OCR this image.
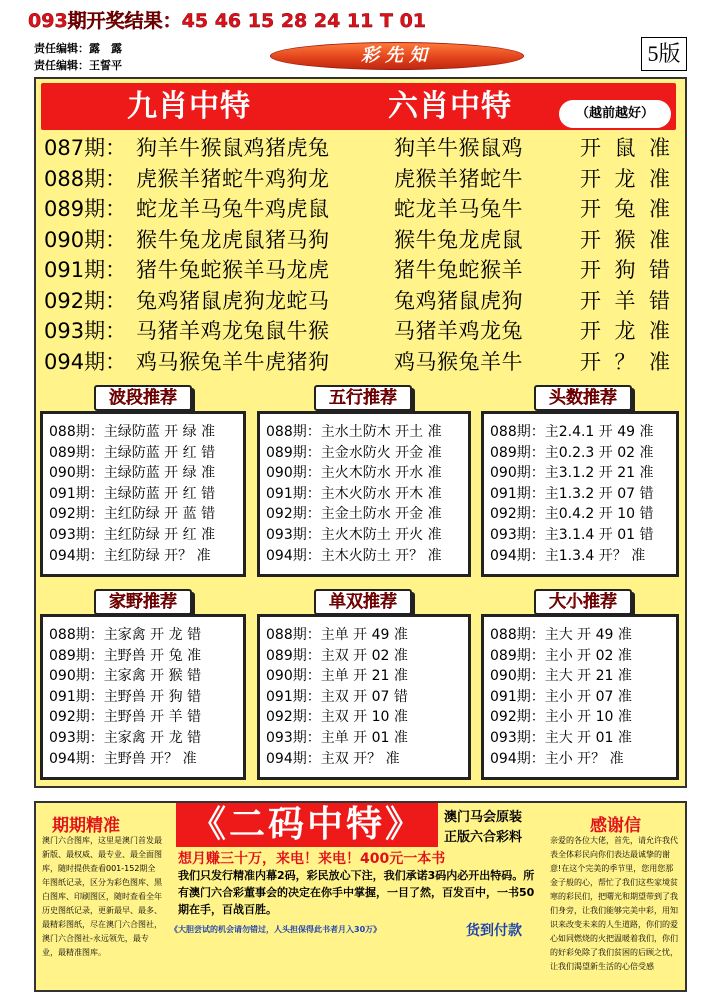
093期开奖结果：45 46 15 28 24 11 T 01
责任编辑：露　露
责任编辑：王誓平	彩先知	5版
九肖中特	六肖中特	（越前越好）
087期： 狗羊牛猴鼠鸡猪虎兔	狗羊牛猴鼠鸡	开 鼠 准
088期： 虎猴羊猪蛇牛鸡狗龙	虎猴羊猪蛇牛	开 龙 准
089期： 蛇龙羊马兔牛鸡虎鼠	蛇龙羊马兔牛	开 兔 准
090期： 猴牛兔龙虎鼠猪马狗	猴牛兔龙虎鼠	开 猴 准
091期： 猪牛兔蛇猴羊马龙虎	猪牛兔蛇猴羊	开 狗 错
092期： 兔鸡猪鼠虎狗龙蛇马	兔鸡猪鼠虎狗	开 羊 错
093期： 马猪羊鸡龙兔鼠牛猴	马猪羊鸡龙兔	开 龙 准
094期： 鸡马猴兔羊牛虎猪狗	鸡马猴兔羊牛	开 ？ 准
波段推荐	五行推荐	头数推荐
家野推荐	单双推荐	大小推荐
088期：主绿防蓝 开 绿 准
089期：主绿防蓝 开 红 错
090期：主绿防蓝 开 绿 准
091期：主绿防蓝 开 红 错
092期：主红防绿 开 蓝 错
093期：主红防绿 开 红 准
094期：主红防绿 开？ 准
088期：主水土防木 开土 准
089期：主金水防火 开金 准
090期：主火木防水 开水 准
091期：主木火防水 开木 准
092期：主金土防水 开金 准
093期：主火木防土 开火 准
094期：主木火防土 开？ 准
088期：主2.4.1 开 49 准
089期：主0.2.3 开 02 准
090期：主3.1.2 开 21 准
091期：主1.3.2 开 07 错
092期：主0.4.2 开 10 错
093期：主3.1.4 开 01 错
094期：主1.3.4 开？ 准
088期：主家禽 开 龙 错
089期：主野兽 开 兔 准
090期：主家禽 开 猴 错
091期：主野兽 开 狗 错
092期：主野兽 开 羊 错
093期：主家禽 开 龙 错
094期：主野兽 开？ 准
088期：主单 开 49 准
089期：主双 开 02 准
090期：主单 开 21 准
091期：主双 开 07 错
092期：主双 开 10 准
093期：主单 开 01 准
094期：主双 开？ 准
088期：主大 开 49 准
089期：主小 开 02 准
090期：主大 开 21 准
091期：主小 开 07 准
092期：主小 开 10 准
093期：主大 开 01 准
094期：主小 开？ 准
期期精准
澳门六合图库，这里是澳门首发最新版、最权威、最专业、最全面图库，随时提供查看001-152期全年图纸记录，区分为彩色图库、黑白图库、印刷图区，随时查看全年历史图纸记录，更新最早、最多、最精彩图纸，尽在澳门六合图社，澳门六合图社-永远领先，最专业，最精准图库。
《二码中特》	澳门马会原装
正版六合彩料
想月赚三十万，来电！来电！400元一本书
我们只发行精准内幕2码，彩民放心下注，我们承诺3码内必开出特码。所有澳门六合彩董事会的决定在你手中掌握，一目了然，百发百中，一书50期在手，百战百胜。
《大胆尝试的机会请勿错过，人头担保得此书者月入30万》	货到付款
感谢信
亲爱的各位大佬，首先，请允许我代表全体彩民向你们表达最诚挚的谢意!在这个完美的季节里，您用您那金子般的心，帮忙了我们这些家境贫寒的彩民们，把曙光和期望带到了我们身旁，让我们能够完美中彩，用知识来改变未来的人生道路，你们的爱心如同燃烧的火把温暖着我们，你们的好彩免除了我们贫困的后顾之忧，让我们渴望新生活的心倍受感
